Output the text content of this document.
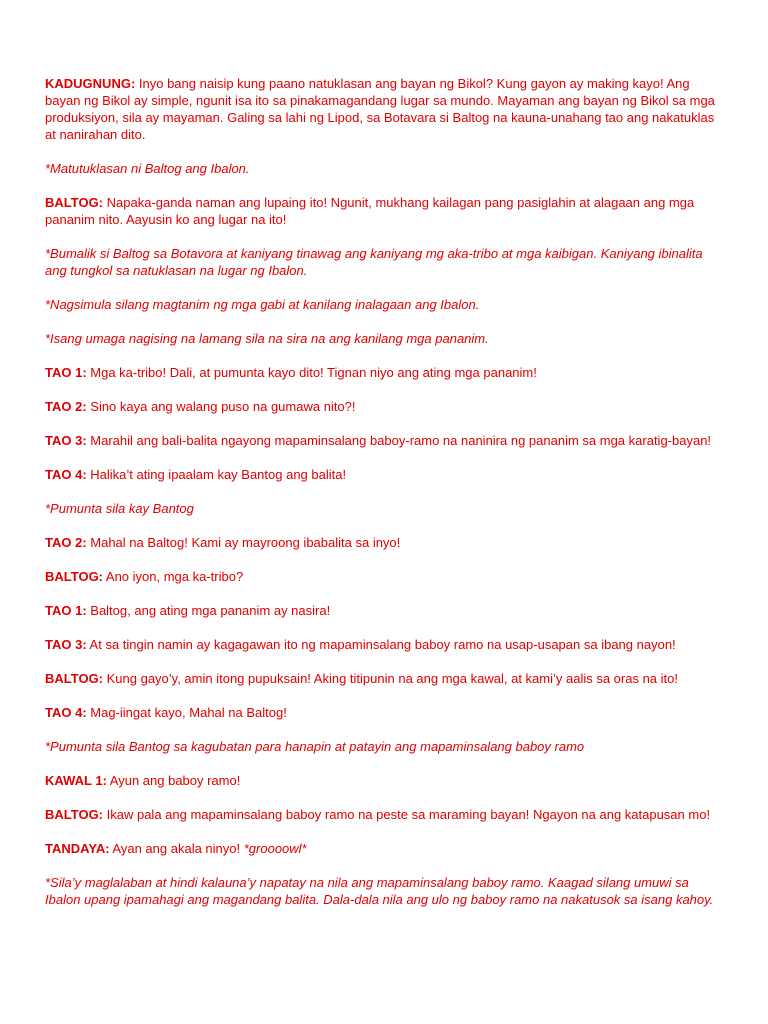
KADUGNUNG: Inyo bang naisip kung paano natuklasan ang bayan ng Bikol? Kung gayon ay making kayo! Ang bayan ng Bikol ay simple, ngunit isa ito sa pinakamagandang lugar sa mundo. Mayaman ang bayan ng Bikol sa mga produksiyon, sila ay mayaman. Galing sa lahi ng Lipod, sa Botavara si Baltog na kauna-unahang tao ang nakatuklas at nanirahan dito.

*Matutuklasan ni Baltog ang Ibalon.

BALTOG: Napaka-ganda naman ang lupaing ito! Ngunit, mukhang kailagan pang pasiglahin at alagaan ang mga pananim nito. Aayusin ko ang lugar na ito!

*Bumalik si Baltog sa Botavora at kaniyang tinawag ang kaniyang mg aka-tribo at mga kaibigan. Kaniyang ibinalita ang tungkol sa natuklasan na lugar ng Ibalon.

*Nagsimula silang magtanim ng mga gabi at kanilang inalagaan ang Ibalon.

*Isang umaga nagising na lamang sila na sira na ang kanilang mga pananim.

TAO 1: Mga ka-tribo! Dali, at pumunta kayo dito! Tignan niyo ang ating mga pananim!

TAO 2: Sino kaya ang walang puso na gumawa nito?!

TAO 3: Marahil ang bali-balita ngayong mapaminsalang baboy-ramo na naninira ng pananim sa mga karatig-bayan!

TAO 4: Halika’t ating ipaalam kay Bantog ang balita!

*Pumunta sila kay Bantog

TAO 2: Mahal na Baltog! Kami ay mayroong ibabalita sa inyo!

BALTOG: Ano iyon, mga ka-tribo?

TAO 1: Baltog, ang ating mga pananim ay nasira!

TAO 3: At sa tingin namin ay kagagawan ito ng mapaminsalang baboy ramo na usap-usapan sa ibang nayon!

BALTOG: Kung gayo’y, amin itong pupuksain! Aking titipunin na ang mga kawal, at kami’y aalis sa oras na ito!

TAO 4: Mag-iingat kayo, Mahal na Baltog!

*Pumunta sila Bantog sa kagubatan para hanapin at patayin ang mapaminsalang baboy ramo

KAWAL 1: Ayun ang baboy ramo!

BALTOG: Ikaw pala ang mapaminsalang baboy ramo na peste sa maraming bayan! Ngayon na ang katapusan mo!

TANDAYA: Ayan ang akala ninyo! *groooowl*

*Sila’y maglalaban at hindi kalauna’y napatay na nila ang mapaminsalang baboy ramo. Kaagad silang umuwi sa Ibalon upang ipamahagi ang magandang balita. Dala-dala nila ang ulo ng baboy ramo na nakatusok sa isang kahoy.
